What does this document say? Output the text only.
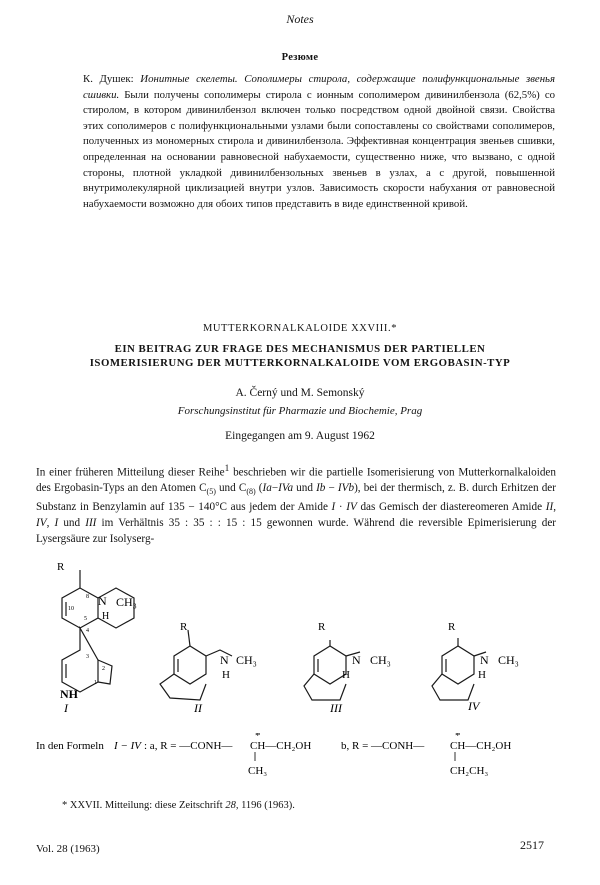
Notes
Резюме
К. Душек: Ионитные скелеты. Сополимеры стирола, содержащие полифункциональные звенья сшивки. Были получены сополимеры стирола с ионным сополимером дивинилбензола (62,5%) со стиролом, в котором дивинилбензол включен только посредством одной двойной связи. Свойства этих сополимеров с полифункциональными узлами были сопоставлены со свойствами сополимеров, полученных из мономерных стирола и дивинилбензола. Эффективная концентрация звеньев сшивки, определенная на основании равновесной набухаемости, существенно ниже, что вызвано, с одной стороны, плотной укладкой дивинилбензольных звеньев в узлах, а с другой, повышенной внутримолекулярной циклизацией внутри узлов. Зависимость скорости набухания от равновесной набухаемости возможно для обоих типов представить в виде единственной кривой.
MUTTERKORNALKALOIDE XXVIII.*
EIN BEITRAG ZUR FRAGE DES MECHANISMUS DER PARTIELLEN
ISOMERISIERUNG DER MUTTERKORNALKALOIDE VOM ERGOBASIN-TYP
A. Černý und M. Semonský
Forschungsinstitut für Pharmazie und Biochemie, Prag
Eingegangen am 9. August 1962
In einer früheren Mitteilung dieser Reihe$^1$ beschrieben wir die partielle Isomerisierung von Mutterkornalkaloiden des Ergobasin-Typs an den Atomen $C_{(5)}$ und $C_{(8)}$ (Ia−IVa und Ib − IVb), bei der thermisch, z. B. durch Erhitzen der Substanz in Benzylamin auf 135 − 140°C aus jedem der Amide I · IV das Gemisch der diastereomeren Amide II, IV, I und III im Verhältnis 35 : 35 : : 15 : 15 gewonnen wurde. Während die reversible Epimerisierung der Lysergsäure zur Isolyserg-
R
N CH₃
H
10
8
5
4
3
2
1
NH
I
R
N CH₃
H
II
R
N CH₃
H
III
R
N CH₃
H
IV
In den Formeln I − IV : a, R = —CONH—
*
CH—CH₂OH
CH₃
b, R = —CONH—
*
CH—CH₂OH
CH₂CH₃
* XXVII. Mitteilung: diese Zeitschrift 28, 1196 (1963).
Vol. 28 (1963)	2517
